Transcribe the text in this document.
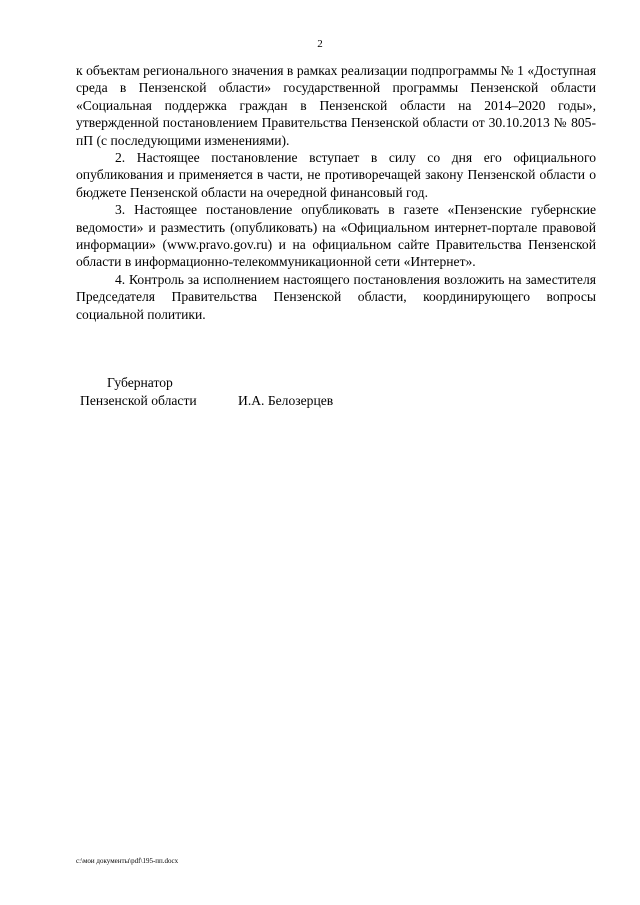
2

к объектам регионального значения в рамках реализации подпрограммы № 1 «Доступная среда в Пензенской области» государственной программы Пензенской области «Социальная поддержка граждан в Пензенской области на 2014–2020 годы», утвержденной постановлением Правительства Пензенской области от 30.10.2013 № 805-пП (с последующими изменениями).

2. Настоящее постановление вступает в силу со дня его официального опубликования и применяется в части, не противоречащей закону Пензенской области о бюджете Пензенской области на очередной финансовый год.

3. Настоящее постановление опубликовать в газете «Пензенские губернские ведомости» и разместить (опубликовать) на «Официальном интернет-портале правовой информации» (www.pravo.gov.ru) и на официальном сайте Правительства Пензенской области в информационно-телекоммуникационной сети «Интернет».

4. Контроль за исполнением настоящего постановления возложить на заместителя Председателя Правительства Пензенской области, координирующего вопросы социальной политики.

Губернатор
Пензенской области	И.А. Белозерцев
c:\мои документы\pdf\195-пп.docx
